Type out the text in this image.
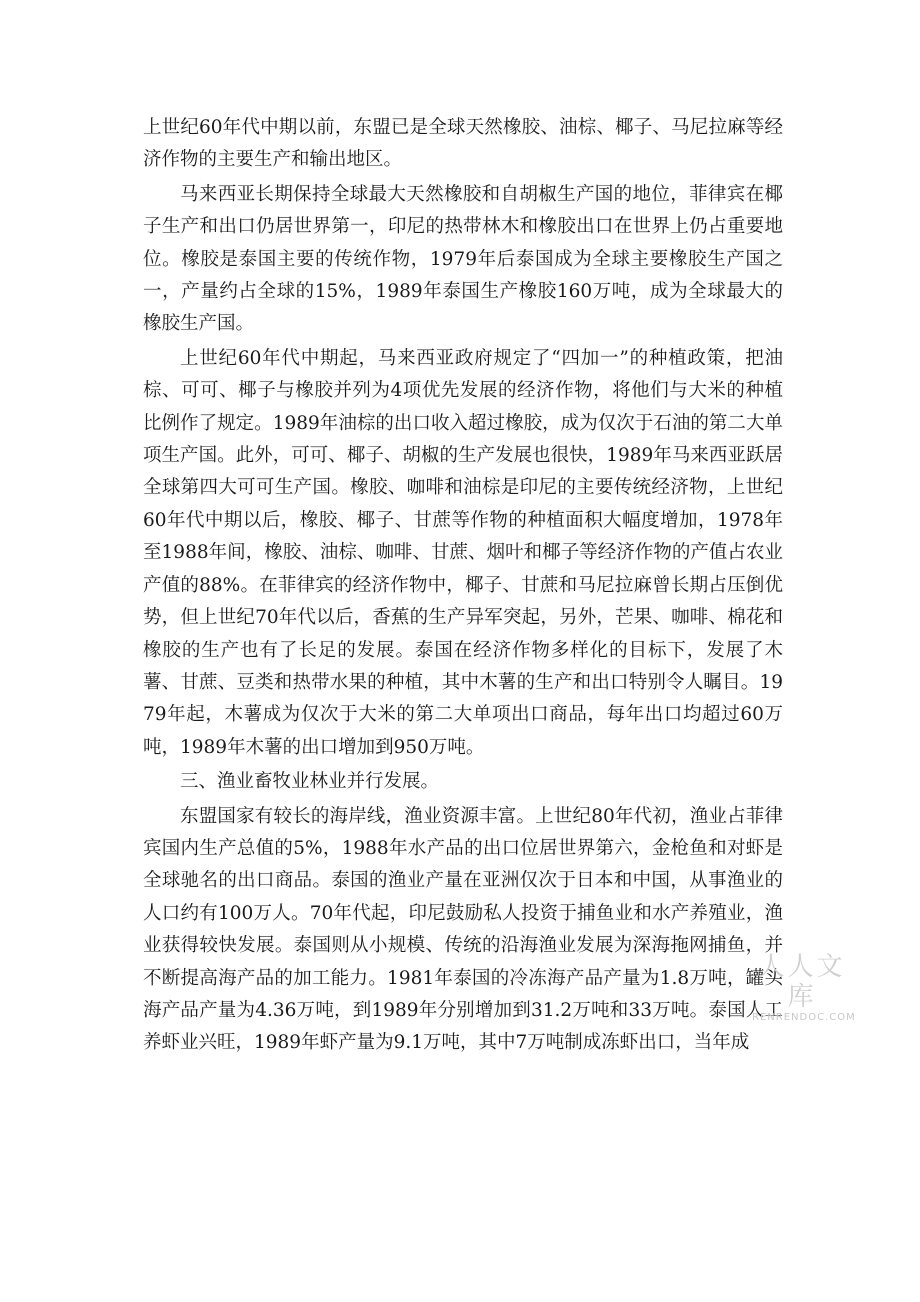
上世纪60年代中期以前，东盟已是全球天然橡胶、油棕、椰子、马尼拉麻等经济作物的主要生产和输出地区。

马来西亚长期保持全球最大天然橡胶和自胡椒生产国的地位，菲律宾在椰子生产和出口仍居世界第一，印尼的热带林木和橡胶出口在世界上仍占重要地位。橡胶是泰国主要的传统作物，1979年后泰国成为全球主要橡胶生产国之一，产量约占全球的15%，1989年泰国生产橡胶160万吨，成为全球最大的橡胶生产国。

上世纪60年代中期起，马来西亚政府规定了“四加一”的种植政策，把油棕、可可、椰子与橡胶并列为4项优先发展的经济作物，将他们与大米的种植比例作了规定。1989年油棕的出口收入超过橡胶，成为仅次于石油的第二大单项生产国。此外，可可、椰子、胡椒的生产发展也很快，1989年马来西亚跃居全球第四大可可生产国。橡胶、咖啡和油棕是印尼的主要传统经济物，上世纪60年代中期以后，橡胶、椰子、甘蔗等作物的种植面积大幅度增加，1978年至1988年间，橡胶、油棕、咖啡、甘蔗、烟叶和椰子等经济作物的产值占农业产值的88%。在菲律宾的经济作物中，椰子、甘蔗和马尼拉麻曾长期占压倒优势，但上世纪70年代以后，香蕉的生产异军突起，另外，芒果、咖啡、棉花和橡胶的生产也有了长足的发展。泰国在经济作物多样化的目标下，发展了木薯、甘蔗、豆类和热带水果的种植，其中木薯的生产和出口特别令人瞩目。1979年起，木薯成为仅次于大米的第二大单项出口商品，每年出口均超过60万吨，1989年木薯的出口增加到950万吨。

三、渔业畜牧业林业并行发展。

东盟国家有较长的海岸线，渔业资源丰富。上世纪80年代初，渔业占菲律宾国内生产总值的5%，1988年水产品的出口位居世界第六，金枪鱼和对虾是全球驰名的出口商品。泰国的渔业产量在亚洲仅次于日本和中国，从事渔业的人口约有100万人。70年代起，印尼鼓励私人投资于捕鱼业和水产养殖业，渔业获得较快发展。泰国则从小规模、传统的沿海渔业发展为深海拖网捕鱼，并不断提高海产品的加工能力。1981年泰国的冷冻海产品产量为1.8万吨，罐头海产品产量为4.36万吨，到1989年分别增加到31.2万吨和33万吨。泰国人工养虾业兴旺，1989年虾产量为9.1万吨，其中7万吨制成冻虾出口，当年成

人人文库
RENRENDOC.COM
